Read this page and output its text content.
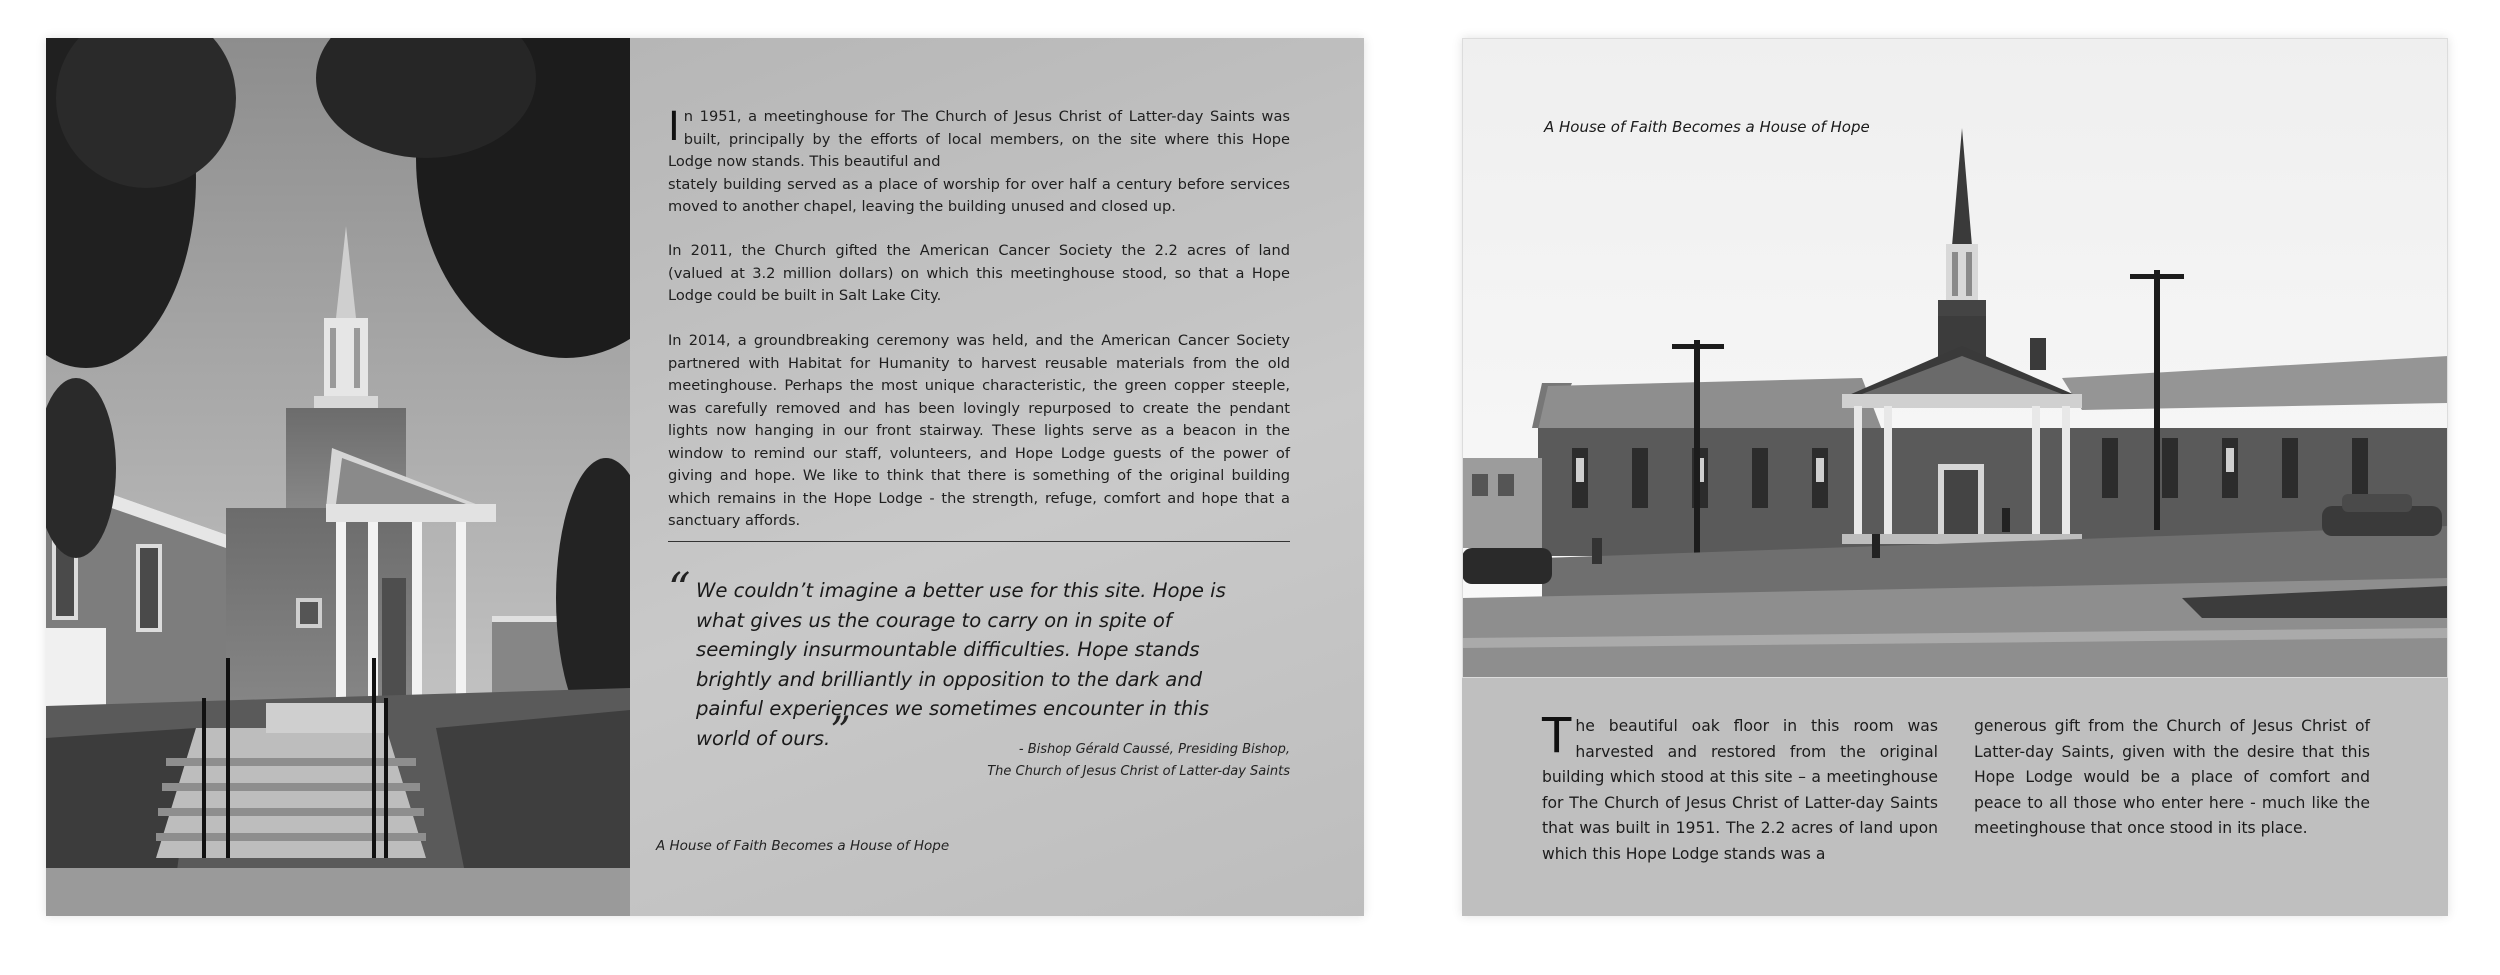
In 1951, a meetinghouse for The Church of Jesus Christ of Latter-day Saints was built, principally by the efforts of local members, on the site where this Hope Lodge now stands. This beautiful and
stately building served as a place of worship for over half a century before services moved to another chapel, leaving the building unused and closed up.

In 2011, the Church gifted the American Cancer Society the 2.2 acres of land (valued at 3.2 million dollars) on which this meetinghouse stood, so that a Hope Lodge could be built in Salt Lake City.

In 2014, a groundbreaking ceremony was held, and the American Cancer Society partnered with Habitat for Humanity to harvest reusable materials from the old meetinghouse. Perhaps the most unique characteristic, the green copper steeple, was carefully removed and has been lovingly repurposed to create the pendant lights now hanging in our front stairway. These lights serve as a beacon in the window to remind our staff, volunteers, and Hope Lodge guests of the power of giving and hope. We like to think that there is something of the original building which remains in the Hope Lodge - the strength, refuge, comfort and hope that a sanctuary affords.

“ We couldn’t imagine a better use for this site. Hope is what gives us the courage to carry on in spite of seemingly insurmountable difficulties. Hope stands brightly and brilliantly in opposition to the dark and painful experiences we sometimes encounter in this world of ours.”	- Bishop Gérald Caussé, Presiding Bishop,
The Church of Jesus Christ of Latter-day Saints
A House of Faith Becomes a House of Hope
A House of Faith Becomes a House of Hope

The beautiful oak floor in this room was harvested and restored from the original building which stood at this site – a meetinghouse for The Church of Jesus Christ of Latter-day Saints that was built in 1951. The 2.2 acres of land upon which this Hope Lodge stands was a

generous gift from the Church of Jesus Christ of Latter-day Saints, given with the desire that this Hope Lodge would be a place of comfort and peace to all those who enter here - much like the meetinghouse that once stood in its place.
